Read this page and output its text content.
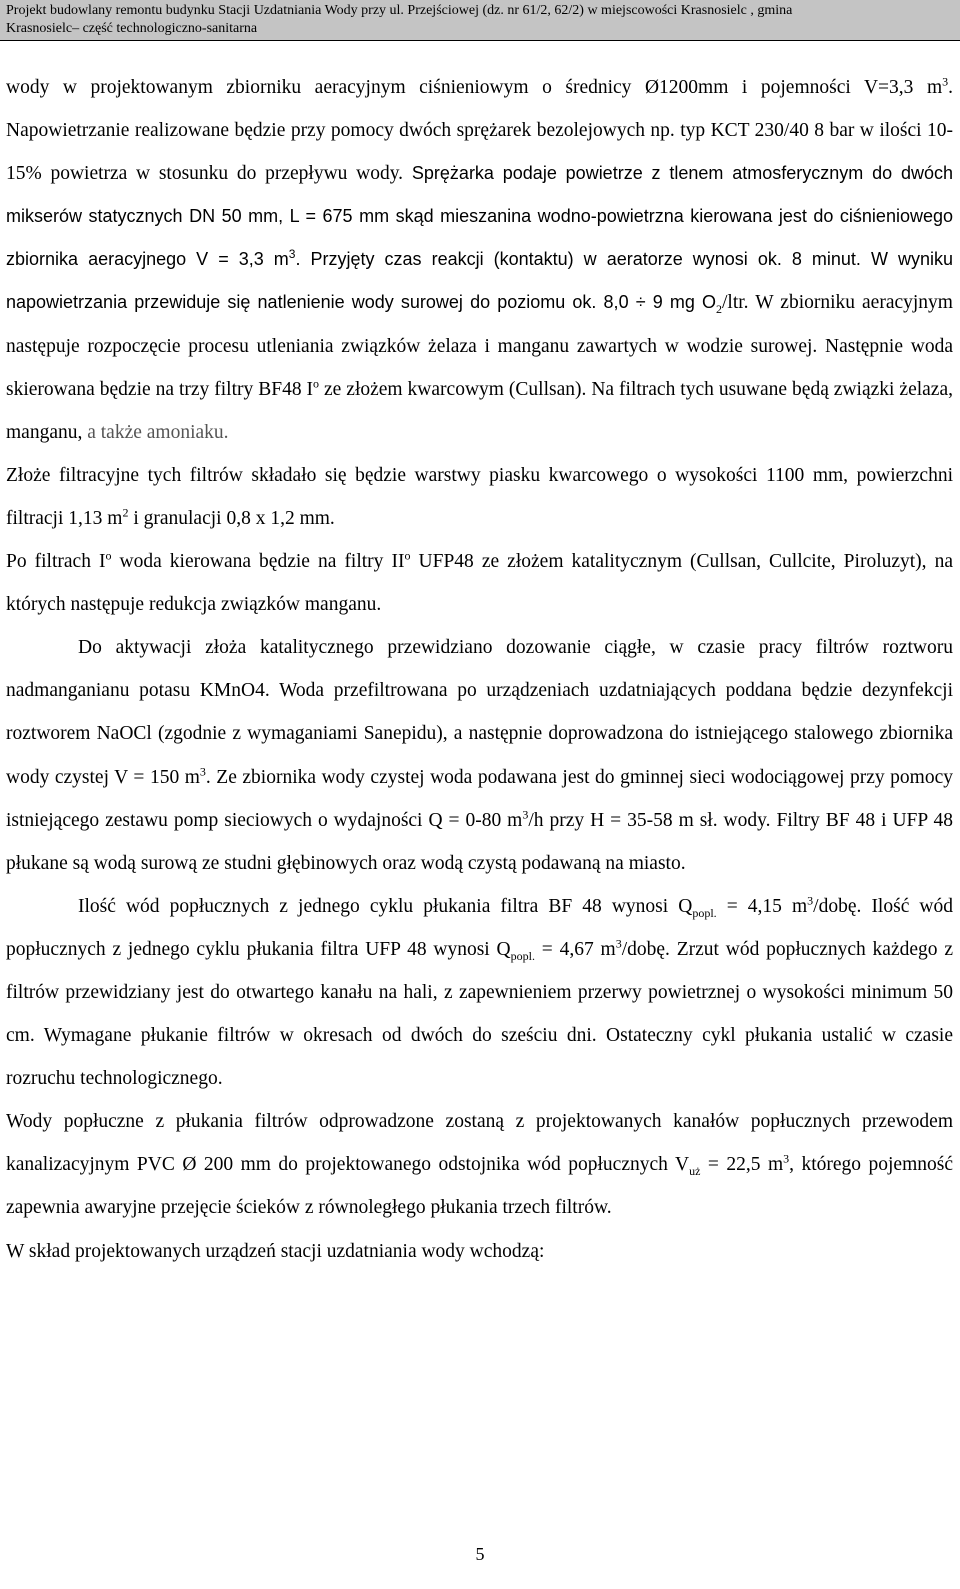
Projekt budowlany remontu budynku Stacji Uzdatniania Wody przy ul. Przejściowej (dz. nr 61/2, 62/2) w miejscowości Krasnosielc , gmina
Krasnosielc– część technologiczno-sanitarna

wody w projektowanym zbiorniku aeracyjnym ciśnieniowym o średnicy Ø1200mm i pojemności V=3,3 $m^3$. Napowietrzanie realizowane będzie przy pomocy dwóch sprężarek bezolejowych np. typ KCT 230/40 8 bar w ilości 10-15% powietrza w stosunku do przepływu wody. Sprężarka podaje powietrze z tlenem atmosferycznym do dwóch mikserów statycznych DN 50 mm, L = 675 mm skąd mieszanina wodno-powietrzna kierowana jest do ciśnieniowego zbiornika aeracyjnego V = 3,3 $m^3$. Przyjęty czas reakcji (kontaktu) w aeratorze wynosi ok. 8 minut. W wyniku napowietrzania przewiduje się natlenienie wody surowej do poziomu ok. 8,0 ÷ 9 mg $O_2$/ltr. W zbiorniku aeracyjnym następuje rozpoczęcie procesu utleniania związków żelaza i manganu zawartych w wodzie surowej. Następnie woda skierowana będzie na trzy filtry BF48 $I^o$ ze złożem kwarcowym (Cullsan). Na filtrach tych usuwane będą związki żelaza, manganu, a także amoniaku.

Złoże filtracyjne tych filtrów składało się będzie warstwy piasku kwarcowego o wysokości 1100 mm, powierzchni filtracji 1,13 $m^2$ i granulacji 0,8 x 1,2 mm.

Po filtrach $I^o$ woda kierowana będzie na filtry $II^o$ UFP48 ze złożem katalitycznym (Cullsan, Cullcite, Piroluzyt), na których następuje redukcja związków manganu.

Do aktywacji złoża katalitycznego przewidziano dozowanie ciągłe, w czasie pracy filtrów roztworu nadmanganianu potasu KMnO4. Woda przefiltrowana po urządzeniach uzdatniających poddana będzie dezynfekcji roztworem NaOCl (zgodnie z wymaganiami Sanepidu), a następnie doprowadzona do istniejącego stalowego zbiornika wody czystej V = 150 $m^3$. Ze zbiornika wody czystej woda podawana jest do gminnej sieci wodociągowej przy pomocy istniejącego zestawu pomp sieciowych o wydajności Q = 0-80 $m^3/h$ przy H = 35-58 m sł. wody. Filtry BF 48 i UFP 48 płukane są wodą surową ze studni głębinowych oraz wodą czystą podawaną na miasto.

Ilość wód popłucznych z jednego cyklu płukania filtra BF 48 wynosi $Q_{popl.} = 4,15$ $m^3$/dobę. Ilość wód popłucznych z jednego cyklu płukania filtra UFP 48 wynosi $Q_{popl.} = 4,67$ $m^3$/dobę. Zrzut wód popłucznych każdego z filtrów przewidziany jest do otwartego kanału na hali, z zapewnieniem przerwy powietrznej o wysokości minimum 50 cm. Wymagane płukanie filtrów w okresach od dwóch do sześciu dni. Ostateczny cykl płukania ustalić w czasie rozruchu technologicznego.

Wody popłuczne z płukania filtrów odprowadzone zostaną z projektowanych kanałów popłucznych przewodem kanalizacyjnym PVC Ø 200 mm do projektowanego odstojnika wód popłucznych $V_{uż} = 22,5$ $m^3$, którego pojemność zapewnia awaryjne przejęcie ścieków z równoległego płukania trzech filtrów.

W skład projektowanych urządzeń stacji uzdatniania wody wchodzą:

5
